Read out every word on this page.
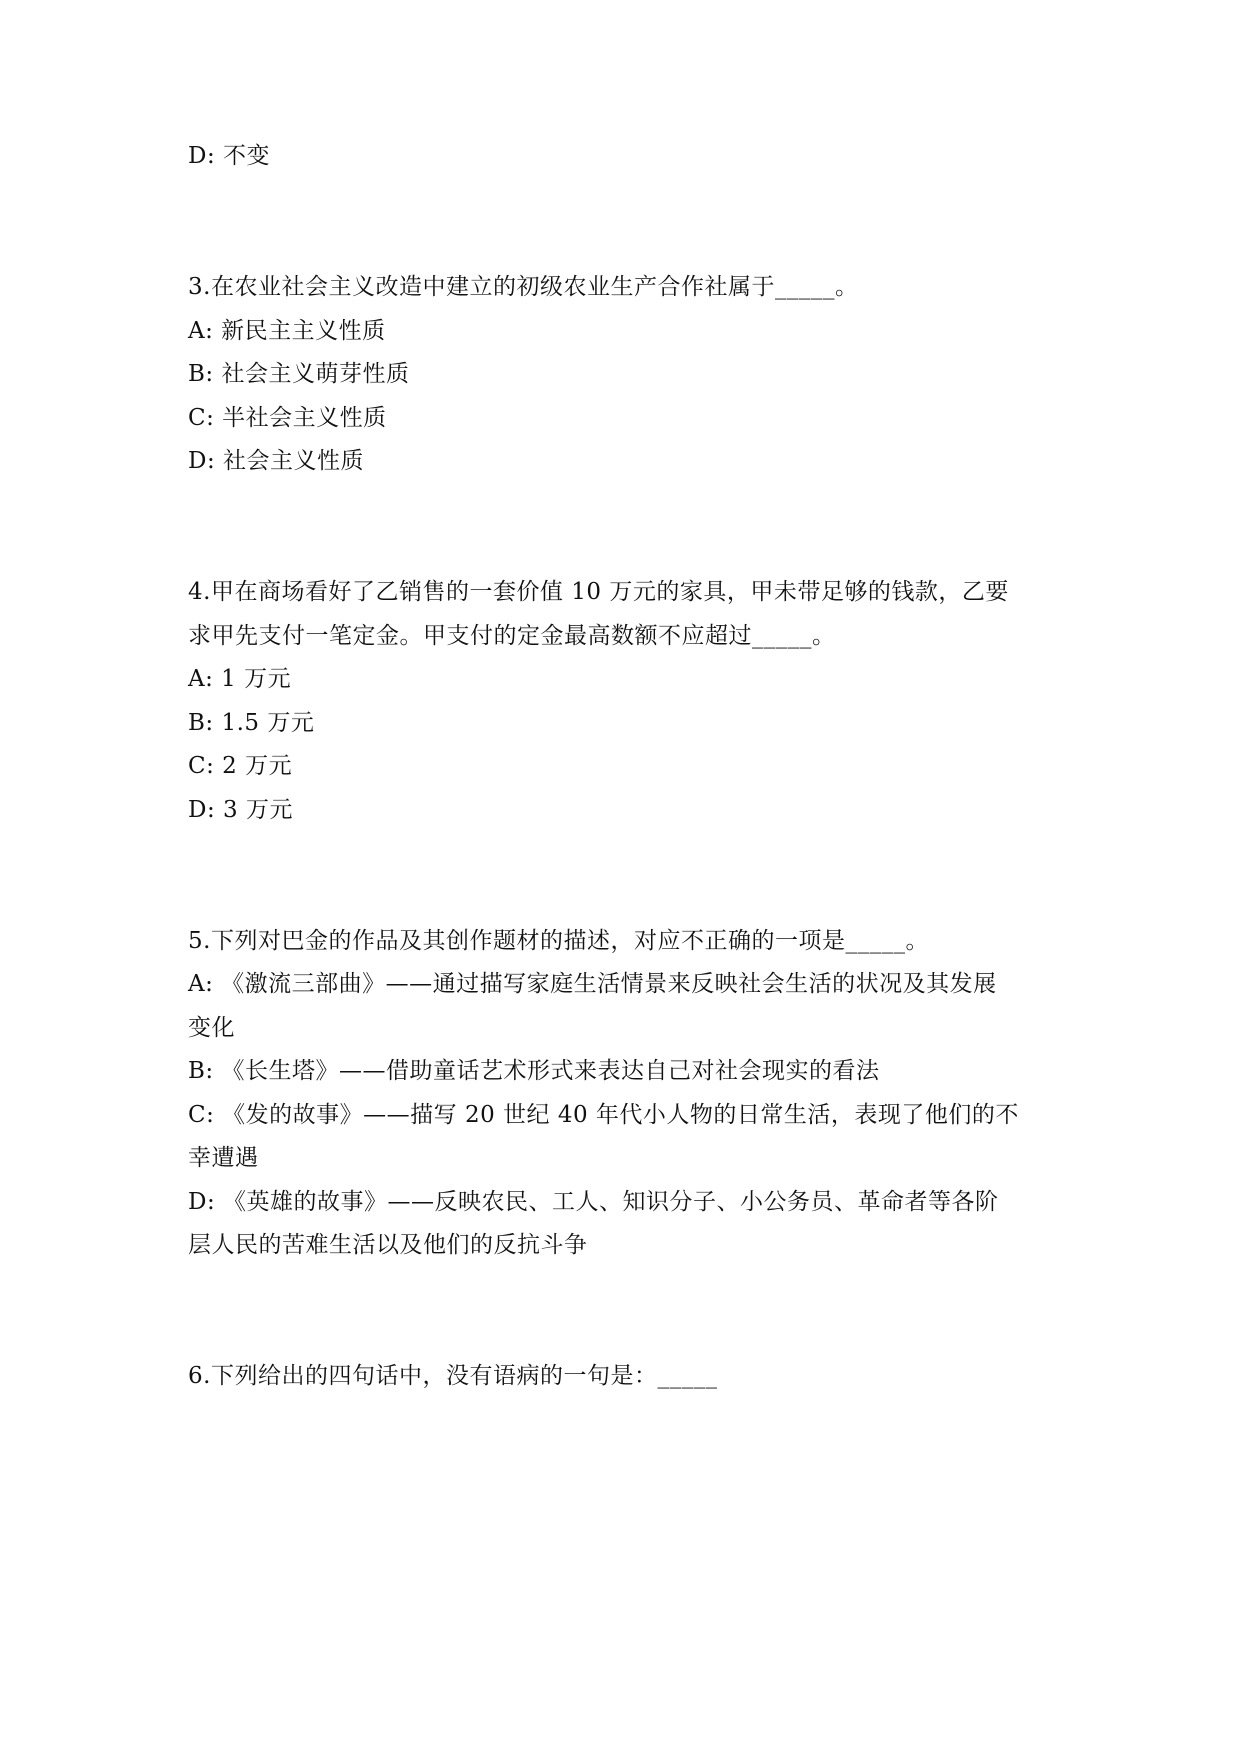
D: 不变
3.在农业社会主义改造中建立的初级农业生产合作社属于_____。
A: 新民主主义性质
B: 社会主义萌芽性质
C: 半社会主义性质
D: 社会主义性质
4.甲在商场看好了乙销售的一套价值 10 万元的家具，甲未带足够的钱款，乙要
求甲先支付一笔定金。甲支付的定金最高数额不应超过_____。
A: 1 万元
B: 1.5 万元
C: 2 万元
D: 3 万元
5.下列对巴金的作品及其创作题材的描述，对应不正确的一项是_____。
A: 《激流三部曲》——通过描写家庭生活情景来反映社会生活的状况及其发展
变化
B: 《长生塔》——借助童话艺术形式来表达自己对社会现实的看法
C: 《发的故事》——描写 20 世纪 40 年代小人物的日常生活，表现了他们的不
幸遭遇
D: 《英雄的故事》——反映农民、工人、知识分子、小公务员、革命者等各阶
层人民的苦难生活以及他们的反抗斗争
6.下列给出的四句话中，没有语病的一句是：_____
